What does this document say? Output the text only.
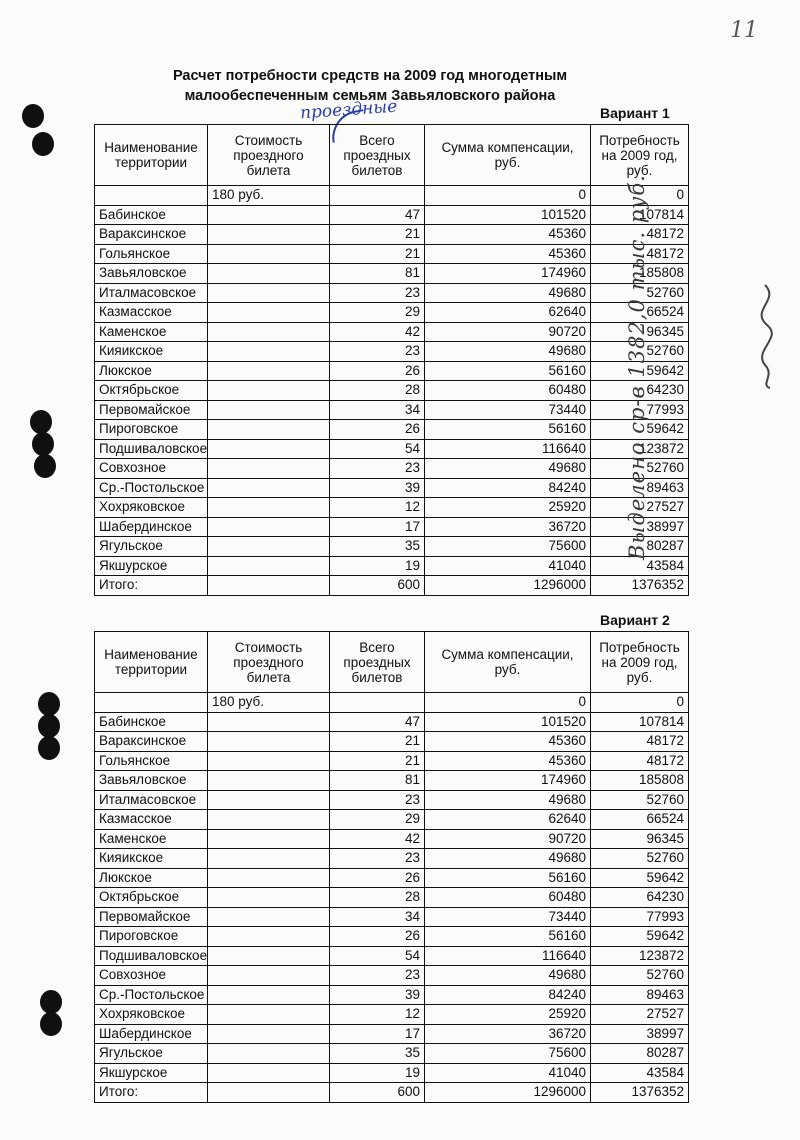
11
Расчет потребности средств на 2009 год многодетным малообеспеченным семьям Завьяловского района
проездные	Вариант 1
Наименование территории	Стоимость проездного билета	Всего проездных билетов	Сумма компенсации, руб.	Потребность на 2009 год, руб.
	180 руб.		0	0
Бабинское		47	101520	107814
Вараксинское		21	45360	48172
Гольянское		21	45360	48172
Завьяловское		81	174960	185808
Италмасовское		23	49680	52760
Казмасское		29	62640	66524
Каменское		42	90720	96345
Кияикское		23	49680	52760
Люкское		26	56160	59642
Октябрьское		28	60480	64230
Первомайское		34	73440	77993
Пироговское		26	56160	59642
Подшиваловское		54	116640	123872
Совхозное		23	49680	52760
Ср.-Постольское		39	84240	89463
Хохряковское		12	25920	27527
Шабердинское		17	36720	38997
Ягульское		35	75600	80287
Якшурское		19	41040	43584
Итого:		600	1296000	1376352
Вариант 2
Наименование территории	Стоимость проездного билета	Всего проездных билетов	Сумма компенсации, руб.	Потребность на 2009 год, руб.
	180 руб.		0	0
Бабинское		47	101520	107814
Вараксинское		21	45360	48172
Гольянское		21	45360	48172
Завьяловское		81	174960	185808
Италмасовское		23	49680	52760
Казмасское		29	62640	66524
Каменское		42	90720	96345
Кияикское		23	49680	52760
Люкское		26	56160	59642
Октябрьское		28	60480	64230
Первомайское		34	73440	77993
Пироговское		26	56160	59642
Подшиваловское		54	116640	123872
Совхозное		23	49680	52760
Ср.-Постольское		39	84240	89463
Хохряковское		12	25920	27527
Шабердинское		17	36720	38997
Ягульское		35	75600	80287
Якшурское		19	41040	43584
Итого:		600	1296000	1376352
Выделено ср-в 1382,0 тыс. руб.
